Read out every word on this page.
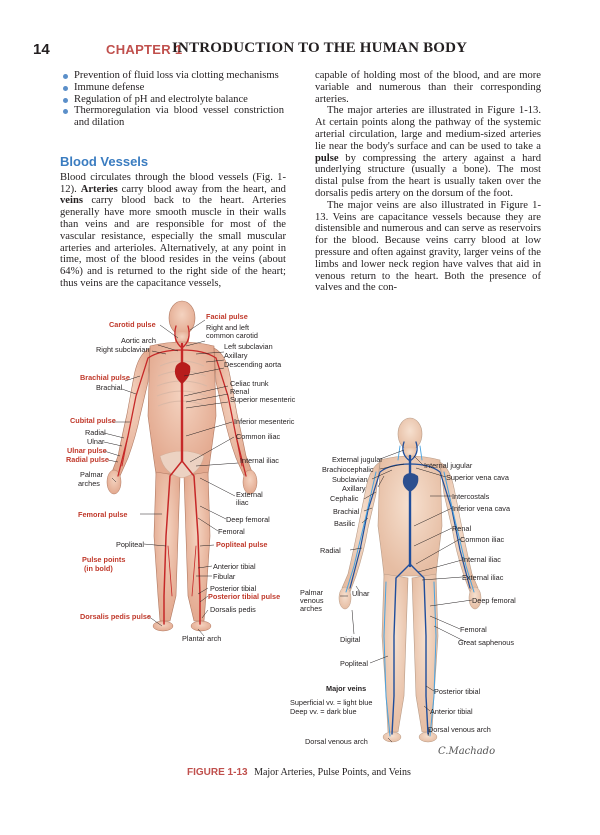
14	CHAPTER 1
INTRODUCTION TO THE HUMAN BODY
Prevention of fluid loss via clotting mechanisms
Immune defense
Regulation of pH and electrolyte balance
Thermoregulation via blood vessel constriction and dilation
Blood Vessels

Blood circulates through the blood vessels (Fig. 1-12). Arteries carry blood away from the heart, and veins carry blood back to the heart. Arteries generally have more smooth muscle in their walls than veins and are responsible for most of the vascular resistance, especially the small muscular arteries and arterioles. Alternatively, at any point in time, most of the blood resides in the veins (about 64%) and is returned to the right side of the heart; thus veins are the capacitance vessels,

capable of holding most of the blood, and are more variable and numerous than their corresponding arteries.

The major arteries are illustrated in Figure 1-13. At certain points along the pathway of the systemic arterial circulation, large and medium-sized arteries lie near the body's surface and can be used to take a pulse by compressing the artery against a hard underlying structure (usually a bone). The most distal pulse from the heart is usually taken over the dorsalis pedis artery on the dorsum of the foot.

The major veins are also illustrated in Figure 1-13. Veins are capacitance vessels because they are distensible and numerous and can serve as reservoirs for the blood. Because veins carry blood at low pressure and often against gravity, larger veins of the limbs and lower neck region have valves that aid in venous return to the heart. Both the presence of valves and the con-

Facial pulse
Carotid pulse	Right and left
common carotid
Aortic arch
Right subclavian	Left subclavian
Axillary
Descending aorta
Brachial pulse
Brachial	Celiac trunk
Renal
Superior mesenteric
Cubital pulse	Inferior mesenteric
Radial	Common iliac
Ulnar
Ulnar pulse
Radial pulse	Internal iliac
Palmar
arches
External
iliac
Femoral pulse
Deep femoral
Femoral
Popliteal	Popliteal pulse
Pulse points
(in bold)	Anterior tibial
Fibular
Posterior tibial
Posterior tibial pulse
Dorsalis pedis
Dorsalis pedis pulse
Plantar arch
External jugular
Internal jugular
Brachiocephalic
Superior vena cava
Subclavian
Axillary
Cephalic	Intercostals
Brachial	Inferior vena cava
Basilic
Renal
Common iliac
Radial
Internal iliac
External iliac
Palmar
venous
arches
Ulnar
Deep femoral
Femoral
Digital	Great saphenous
Popliteal
Major veins	Posterior tibial
Superficial vv. = light blue
Deep vv. = dark blue	Anterior tibial
Dorsal venous arch
Dorsal venous arch
C.Machado
FIGURE 1-13 Major Arteries, Pulse Points, and Veins
